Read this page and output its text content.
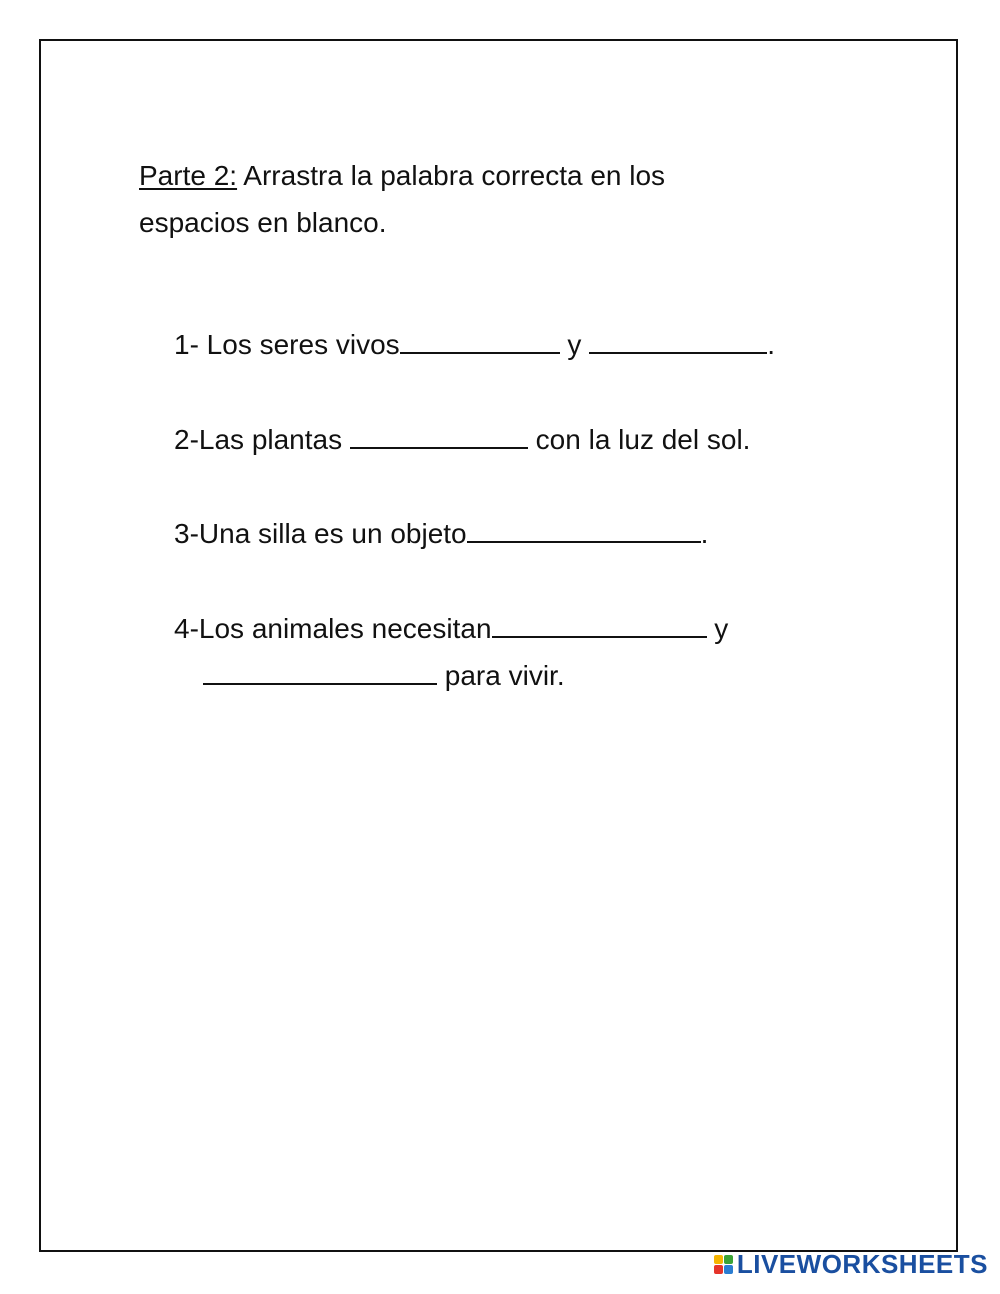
Parte 2: Arrastra la palabra correcta en los
espacios en blanco.

1- Los seres vivos	y	.

2-Las plantas	con la luz del sol.

3-Una silla es un objeto	.

4-Los animales necesitan	y

para vivir.

LIVEWORKSHEETS
